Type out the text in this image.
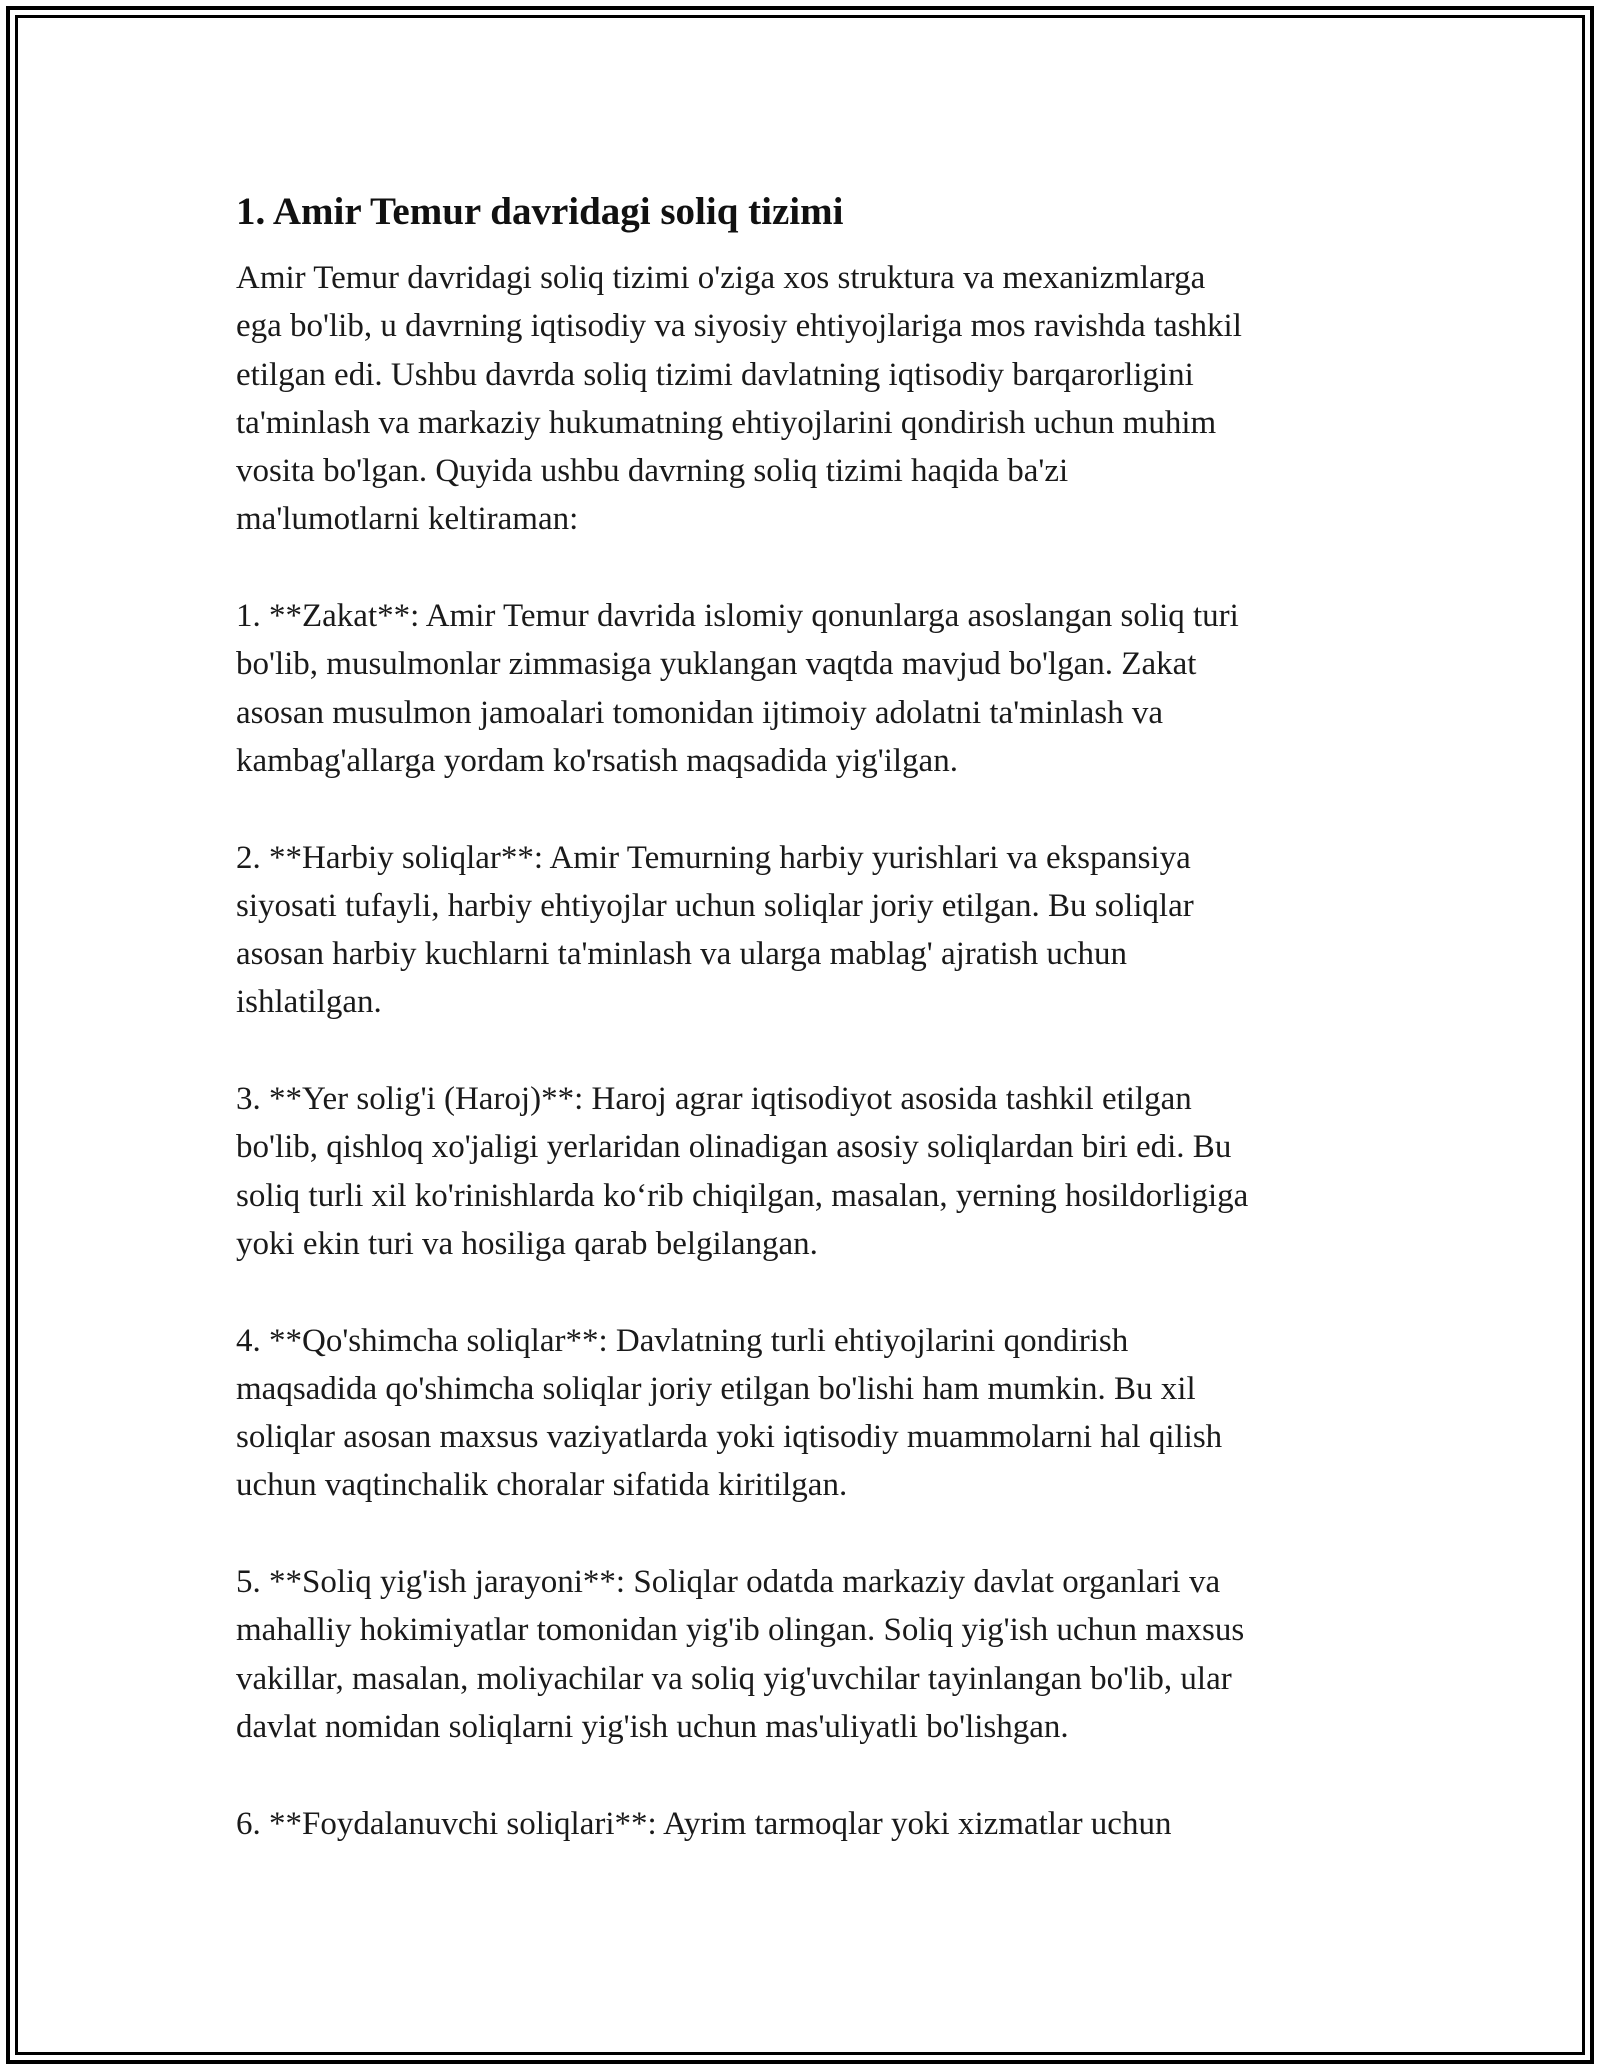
1. Amir Temur davridagi soliq tizimi

Amir Temur davridagi soliq tizimi o'ziga xos struktura va mexanizmlarga
ega bo'lib, u davrning iqtisodiy va siyosiy ehtiyojlariga mos ravishda tashkil
etilgan edi. Ushbu davrda soliq tizimi davlatning iqtisodiy barqarorligini
ta'minlash va markaziy hukumatning ehtiyojlarini qondirish uchun muhim
vosita bo'lgan. Quyida ushbu davrning soliq tizimi haqida ba'zi
ma'lumotlarni keltiraman:

1. **Zakat**: Amir Temur davrida islomiy qonunlarga asoslangan soliq turi
bo'lib, musulmonlar zimmasiga yuklangan vaqtda mavjud bo'lgan. Zakat
asosan musulmon jamoalari tomonidan ijtimoiy adolatni ta'minlash va
kambag'allarga yordam ko'rsatish maqsadida yig'ilgan.

2. **Harbiy soliqlar**: Amir Temurning harbiy yurishlari va ekspansiya
siyosati tufayli, harbiy ehtiyojlar uchun soliqlar joriy etilgan. Bu soliqlar
asosan harbiy kuchlarni ta'minlash va ularga mablag' ajratish uchun
ishlatilgan.

3. **Yer solig'i (Haroj)**: Haroj agrar iqtisodiyot asosida tashkil etilgan
bo'lib, qishloq xo'jaligi yerlaridan olinadigan asosiy soliqlardan biri edi. Bu
soliq turli xil ko'rinishlarda ko‘rib chiqilgan, masalan, yerning hosildorligiga
yoki ekin turi va hosiliga qarab belgilangan.

4. **Qo'shimcha soliqlar**: Davlatning turli ehtiyojlarini qondirish
maqsadida qo'shimcha soliqlar joriy etilgan bo'lishi ham mumkin. Bu xil
soliqlar asosan maxsus vaziyatlarda yoki iqtisodiy muammolarni hal qilish
uchun vaqtinchalik choralar sifatida kiritilgan.

5. **Soliq yig'ish jarayoni**: Soliqlar odatda markaziy davlat organlari va
mahalliy hokimiyatlar tomonidan yig'ib olingan. Soliq yig'ish uchun maxsus
vakillar, masalan, moliyachilar va soliq yig'uvchilar tayinlangan bo'lib, ular
davlat nomidan soliqlarni yig'ish uchun mas'uliyatli bo'lishgan.

6. **Foydalanuvchi soliqlari**: Ayrim tarmoqlar yoki xizmatlar uchun
